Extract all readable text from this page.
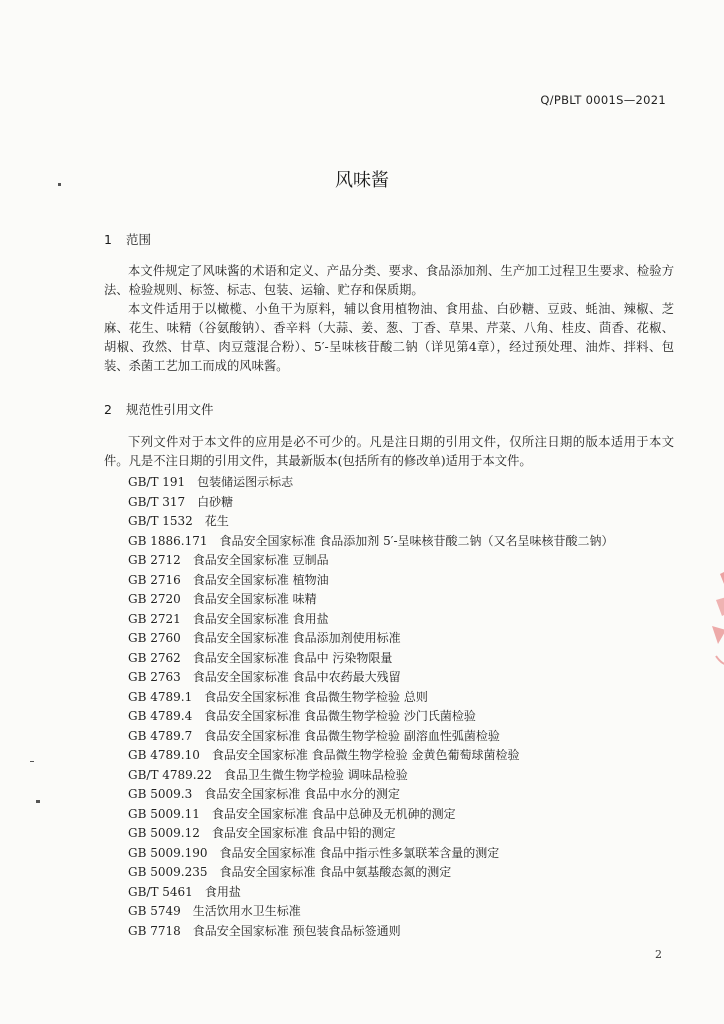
Q/PBLT 0001S—2021
风味酱
1 范围

本文件规定了风味酱的术语和定义、产品分类、要求、食品添加剂、生产加工过程卫生要求、检验方法、检验规则、标签、标志、包装、运输、贮存和保质期。

本文件适用于以橄榄、小鱼干为原料，辅以食用植物油、食用盐、白砂糖、豆豉、蚝油、辣椒、芝麻、花生、味精（谷氨酸钠）、香辛料（大蒜、姜、葱、丁香、草果、芹菜、八角、桂皮、茴香、花椒、胡椒、孜然、甘草、肉豆蔻混合粉）、5′-呈味核苷酸二钠（详见第4章），经过预处理、油炸、拌料、包装、杀菌工艺加工而成的风味酱。

2 规范性引用文件

下列文件对于本文件的应用是必不可少的。凡是注日期的引用文件，仅所注日期的版本适用于本文件。凡是不注日期的引用文件，其最新版本(包括所有的修改单)适用于本文件。

GB/T 191 包装储运图示标志
GB/T 317 白砂糖
GB/T 1532 花生
GB 1886.171 食品安全国家标准 食品添加剂 5′-呈味核苷酸二钠（又名呈味核苷酸二钠）
GB 2712 食品安全国家标准 豆制品
GB 2716 食品安全国家标准 植物油
GB 2720 食品安全国家标准 味精
GB 2721 食品安全国家标准 食用盐
GB 2760 食品安全国家标准 食品添加剂使用标准
GB 2762 食品安全国家标准 食品中 污染物限量
GB 2763 食品安全国家标准 食品中农药最大残留
GB 4789.1 食品安全国家标准 食品微生物学检验 总则
GB 4789.4 食品安全国家标准 食品微生物学检验 沙门氏菌检验
GB 4789.7 食品安全国家标准 食品微生物学检验 副溶血性弧菌检验
GB 4789.10 食品安全国家标准 食品微生物学检验 金黄色葡萄球菌检验
GB/T 4789.22 食品卫生微生物学检验 调味品检验
GB 5009.3 食品安全国家标准 食品中水分的测定
GB 5009.11 食品安全国家标准 食品中总砷及无机砷的测定
GB 5009.12 食品安全国家标准 食品中铅的测定
GB 5009.190 食品安全国家标准 食品中指示性多氯联苯含量的测定
GB 5009.235 食品安全国家标准 食品中氨基酸态氮的测定
GB/T 5461 食用盐
GB 5749 生活饮用水卫生标准
GB 7718 食品安全国家标准 预包装食品标签通则
2
